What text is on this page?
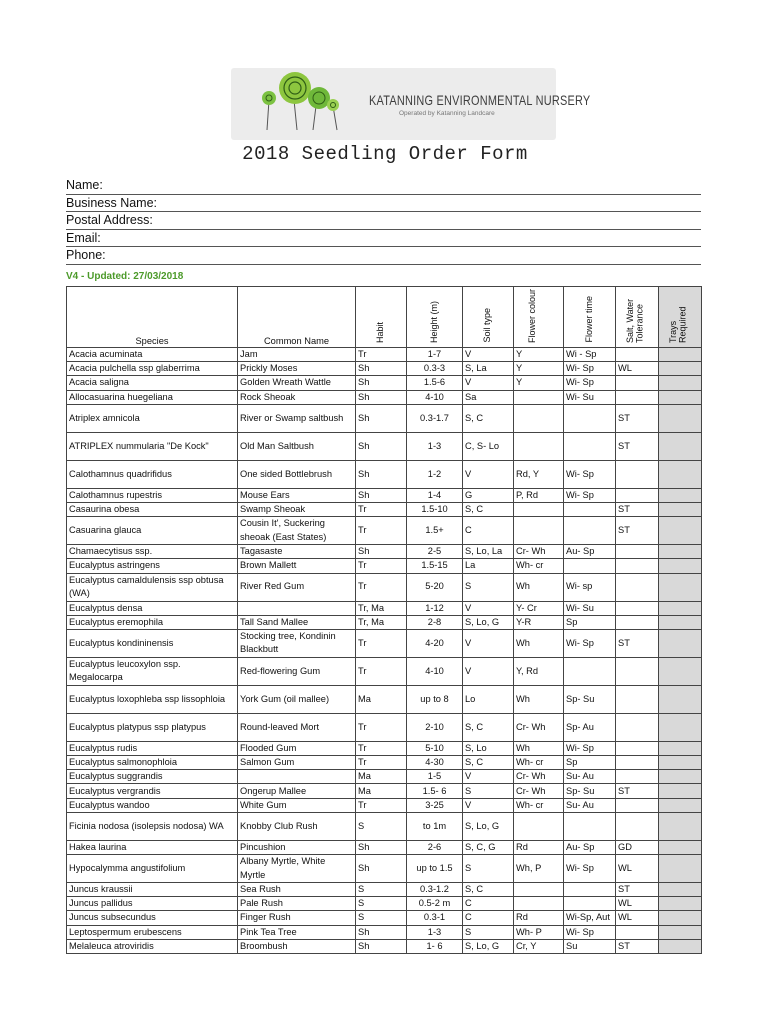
KATANNING ENVIRONMENTAL NURSERY
Operated by Katanning Landcare
2018 Seedling Order Form
Name:
Business Name:
Postal Address:
Email:
Phone:
V4 - Updated: 27/03/2018
Species	Common Name	Habit	Height (m)	Soil type	Flower colour	Flower time	Salt, Water Tolerance	Trays Required
Acacia acuminata	Jam	Tr	1-7	V	Y	Wi - Sp		
Acacia pulchella ssp glaberrima	Prickly Moses	Sh	0.3-3	S, La	Y	Wi- Sp	WL	
Acacia saligna	Golden Wreath Wattle	Sh	1.5-6	V	Y	Wi- Sp		
Allocasuarina huegeliana	Rock Sheoak	Sh	4-10	Sa		Wi- Su		
Atriplex amnicola	River or Swamp saltbush	Sh	0.3-1.7	S, C			ST	
ATRIPLEX nummularia "De Kock"	Old Man Saltbush	Sh	1-3	C, S- Lo			ST	
Calothamnus quadrifidus	One sided Bottlebrush	Sh	1-2	V	Rd, Y	Wi- Sp		
Calothamnus rupestris	Mouse Ears	Sh	1-4	G	P, Rd	Wi- Sp		
Casaurina obesa	Swamp Sheoak	Tr	1.5-10	S, C			ST	
Casuarina glauca	Cousin It', Suckering sheoak (East States)	Tr	1.5+	C			ST	
Chamaecytisus ssp.	Tagasaste	Sh	2-5	S, Lo, La	Cr- Wh	Au- Sp		
Eucalyptus astringens	Brown Mallett	Tr	1.5-15	La	Wh- cr			
Eucalyptus camaldulensis ssp obtusa (WA)	River Red Gum	Tr	5-20	S	Wh	Wi- sp		
Eucalyptus densa		Tr, Ma	1-12	V	Y- Cr	Wi- Su		
Eucalyptus eremophila	Tall Sand Mallee	Tr, Ma	2-8	S, Lo, G	Y-R	Sp		
Eucalyptus kondininensis	Stocking tree, Kondinin Blackbutt	Tr	4-20	V	Wh	Wi- Sp	ST	
Eucalyptus leucoxylon ssp. Megalocarpa	Red-flowering Gum	Tr	4-10	V	Y, Rd			
Eucalyptus loxophleba ssp lissophloia	York Gum (oil mallee)	Ma	up to 8	Lo	Wh	Sp- Su		
Eucalyptus platypus ssp platypus	Round-leaved Mort	Tr	2-10	S, C	Cr- Wh	Sp- Au		
Eucalyptus rudis	Flooded Gum	Tr	5-10	S, Lo	Wh	Wi- Sp		
Eucalyptus salmonophloia	Salmon Gum	Tr	4-30	S, C	Wh- cr	Sp		
Eucalyptus suggrandis		Ma	1-5	V	Cr- Wh	Su- Au		
Eucalyptus vergrandis	Ongerup Mallee	Ma	1.5- 6	S	Cr- Wh	Sp- Su	ST	
Eucalyptus wandoo	White Gum	Tr	3-25	V	Wh- cr	Su- Au		
Ficinia nodosa (isolepsis nodosa) WA	Knobby Club Rush	S	to 1m	S, Lo, G				
Hakea laurina	Pincushion	Sh	2-6	S, C, G	Rd	Au- Sp	GD	
Hypocalymma angustifolium	Albany Myrtle, White Myrtle	Sh	up to 1.5	S	Wh, P	Wi- Sp	WL	
Juncus kraussii	Sea Rush	S	0.3-1.2	S, C			ST	
Juncus pallidus	Pale Rush	S	0.5-2 m	C			WL	
Juncus subsecundus	Finger Rush	S	0.3-1	C	Rd	Wi-Sp, Aut	WL	
Leptospermum erubescens	Pink Tea Tree	Sh	1-3	S	Wh- P	Wi- Sp		
Melaleuca atroviridis	Broombush	Sh	1- 6	S, Lo, G	Cr, Y	Su	ST	
